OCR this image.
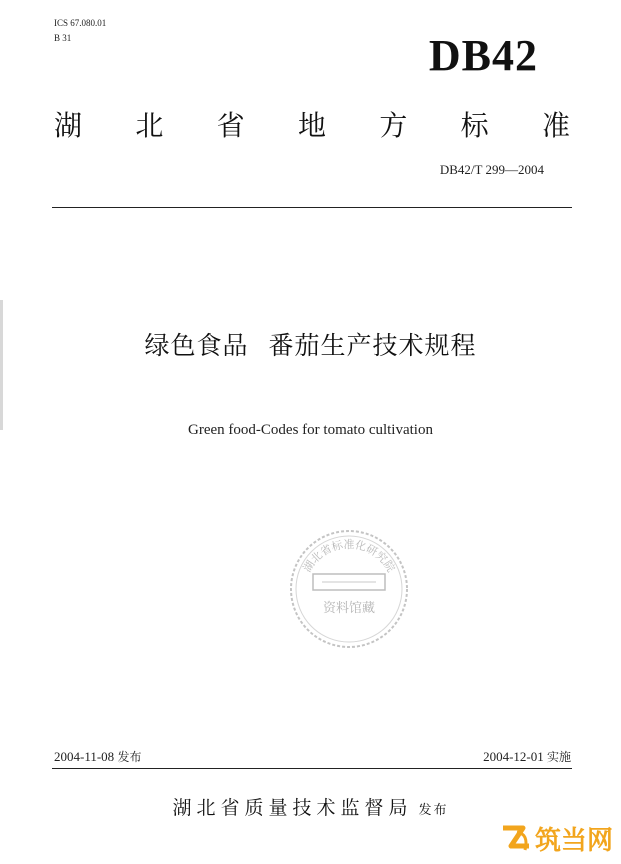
ICS 67.080.01
B 31	DB42
湖 北 省 地 方 标 准
DB42/T 299—2004
绿色食品 番茄生产技术规程
Green food-Codes for tomato cultivation
湖北省标准化研究院
资料馆藏
2004-11-08 发布	2004-12-01 实施
湖北省质量技术监督局 发布
筑当网
